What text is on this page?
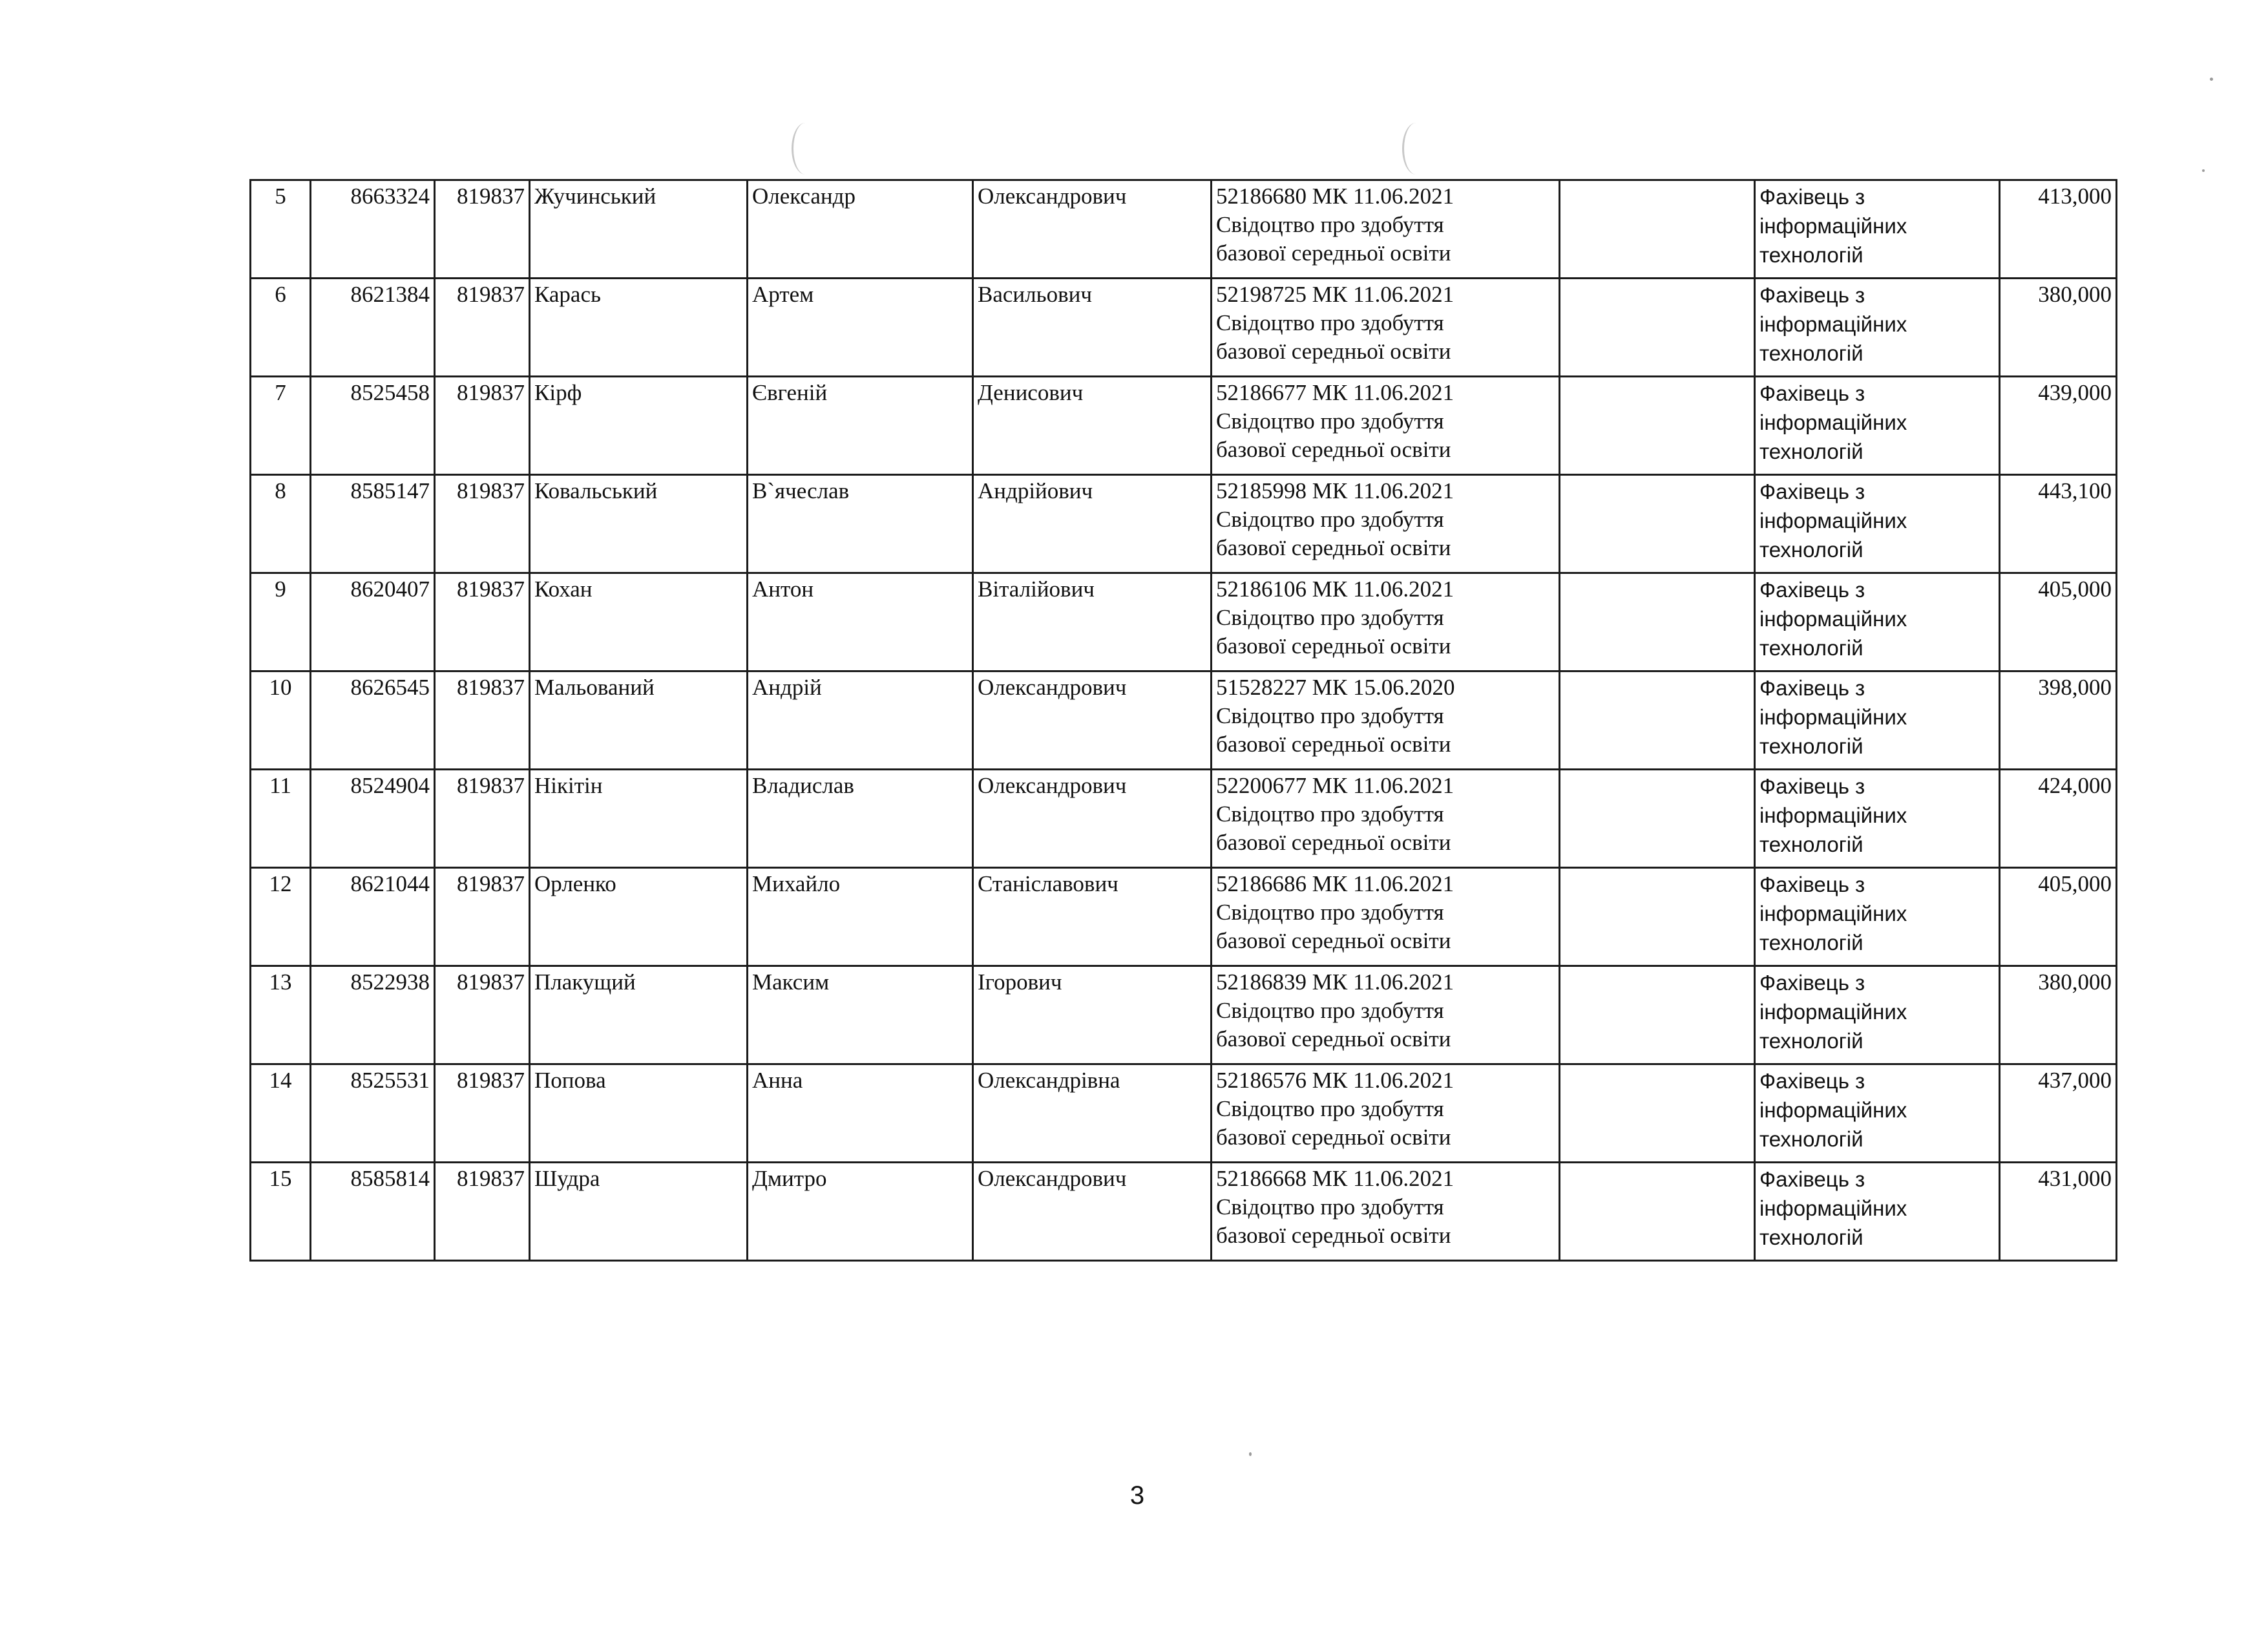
5	8663324	819837	Жучинський	Олександр	Олександрович	52186680 МК 11.06.2021
Свідоцтво про здобуття
базової середньої освіти		Фахівець з
інформаційних
технологій	413,000
6	8621384	819837	Карась	Артем	Васильович	52198725 МК 11.06.2021
Свідоцтво про здобуття
базової середньої освіти		Фахівець з
інформаційних
технологій	380,000
7	8525458	819837	Кірф	Євгеній	Денисович	52186677 МК 11.06.2021
Свідоцтво про здобуття
базової середньої освіти		Фахівець з
інформаційних
технологій	439,000
8	8585147	819837	Ковальський	В`ячеслав	Андрійович	52185998 МК 11.06.2021
Свідоцтво про здобуття
базової середньої освіти		Фахівець з
інформаційних
технологій	443,100
9	8620407	819837	Кохан	Антон	Віталійович	52186106 МК 11.06.2021
Свідоцтво про здобуття
базової середньої освіти		Фахівець з
інформаційних
технологій	405,000
10	8626545	819837	Мальований	Андрій	Олександрович	51528227 МК 15.06.2020
Свідоцтво про здобуття
базової середньої освіти		Фахівець з
інформаційних
технологій	398,000
11	8524904	819837	Нікітін	Владислав	Олександрович	52200677 МК 11.06.2021
Свідоцтво про здобуття
базової середньої освіти		Фахівець з
інформаційних
технологій	424,000
12	8621044	819837	Орленко	Михайло	Станіславович	52186686 МК 11.06.2021
Свідоцтво про здобуття
базової середньої освіти		Фахівець з
інформаційних
технологій	405,000
13	8522938	819837	Плакущий	Максим	Ігорович	52186839 МК 11.06.2021
Свідоцтво про здобуття
базової середньої освіти		Фахівець з
інформаційних
технологій	380,000
14	8525531	819837	Попова	Анна	Олександрівна	52186576 МК 11.06.2021
Свідоцтво про здобуття
базової середньої освіти		Фахівець з
інформаційних
технологій	437,000
15	8585814	819837	Шудра	Дмитро	Олександрович	52186668 МК 11.06.2021
Свідоцтво про здобуття
базової середньої освіти		Фахівець з
інформаційних
технологій	431,000
3
